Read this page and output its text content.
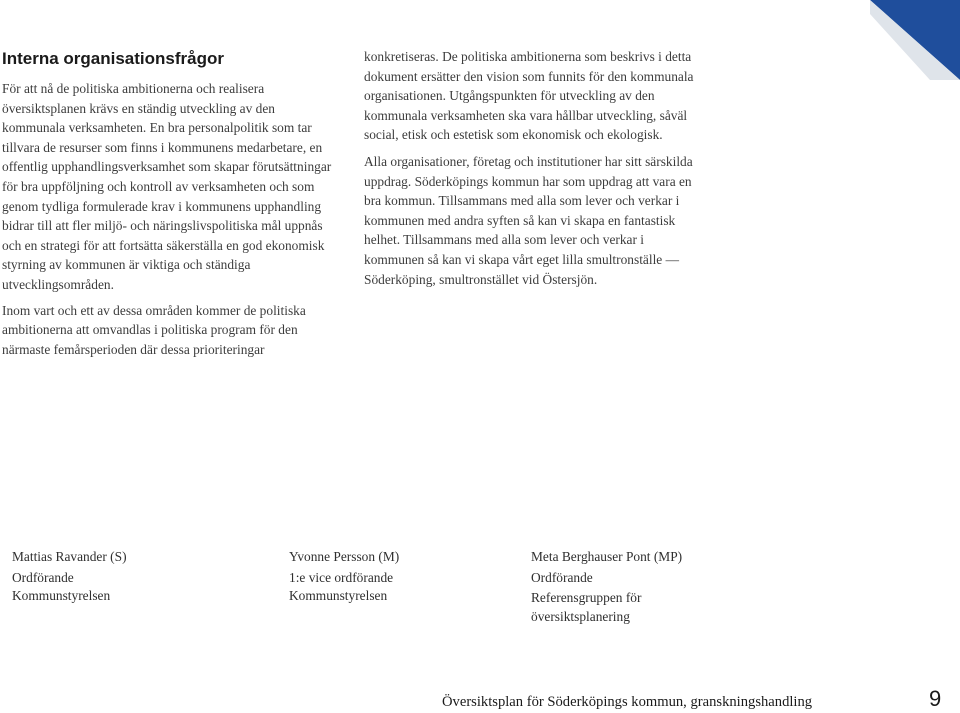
Interna organisationsfrågor

För att nå de politiska ambitionerna och realisera översiktsplanen krävs en ständig utveckling av den kommunala verksamheten. En bra personalpolitik som tar tillvara de resurser som finns i kommunens medarbetare, en offentlig upphandlingsverksamhet som skapar förutsättningar för bra uppföljning och kontroll av verksamheten och som genom tydliga formulerade krav i kommunens upphandling bidrar till att fler miljö- och näringslivspolitiska mål uppnås och en strategi för att fortsätta säkerställa en god ekonomisk styrning av kommunen är viktiga och ständiga utvecklingsområden.

Inom vart och ett av dessa områden kommer de politiska ambitionerna att omvandlas i politiska program för den närmaste femårsperioden där dessa prioriteringar

konkretiseras. De politiska ambitionerna som beskrivs i detta dokument ersätter den vision som funnits för den kommunala organisationen. Utgångspunkten för utveckling av den kommunala verksamheten ska vara hållbar utveckling, såväl social, etisk och estetisk som ekonomisk och ekologisk.

Alla organisationer, företag och institutioner har sitt särskilda uppdrag. Söderköpings kommun har som uppdrag att vara en bra kommun. Tillsammans med alla som lever och verkar i kommunen med andra syften så kan vi skapa en fantastisk helhet. Tillsammans med alla som lever och verkar i kommunen så kan vi skapa vårt eget lilla smultronställe — Söderköping, smultronstället vid Östersjön.

Mattias Ravander (S)

Ordförande

Kommunstyrelsen

Yvonne Persson (M)

1:e vice ordförande

Kommunstyrelsen

Meta Berghauser Pont (MP)

Ordförande

Referensgruppen för översiktsplanering

Översiktsplan för Söderköpings kommun, granskningshandling	9
